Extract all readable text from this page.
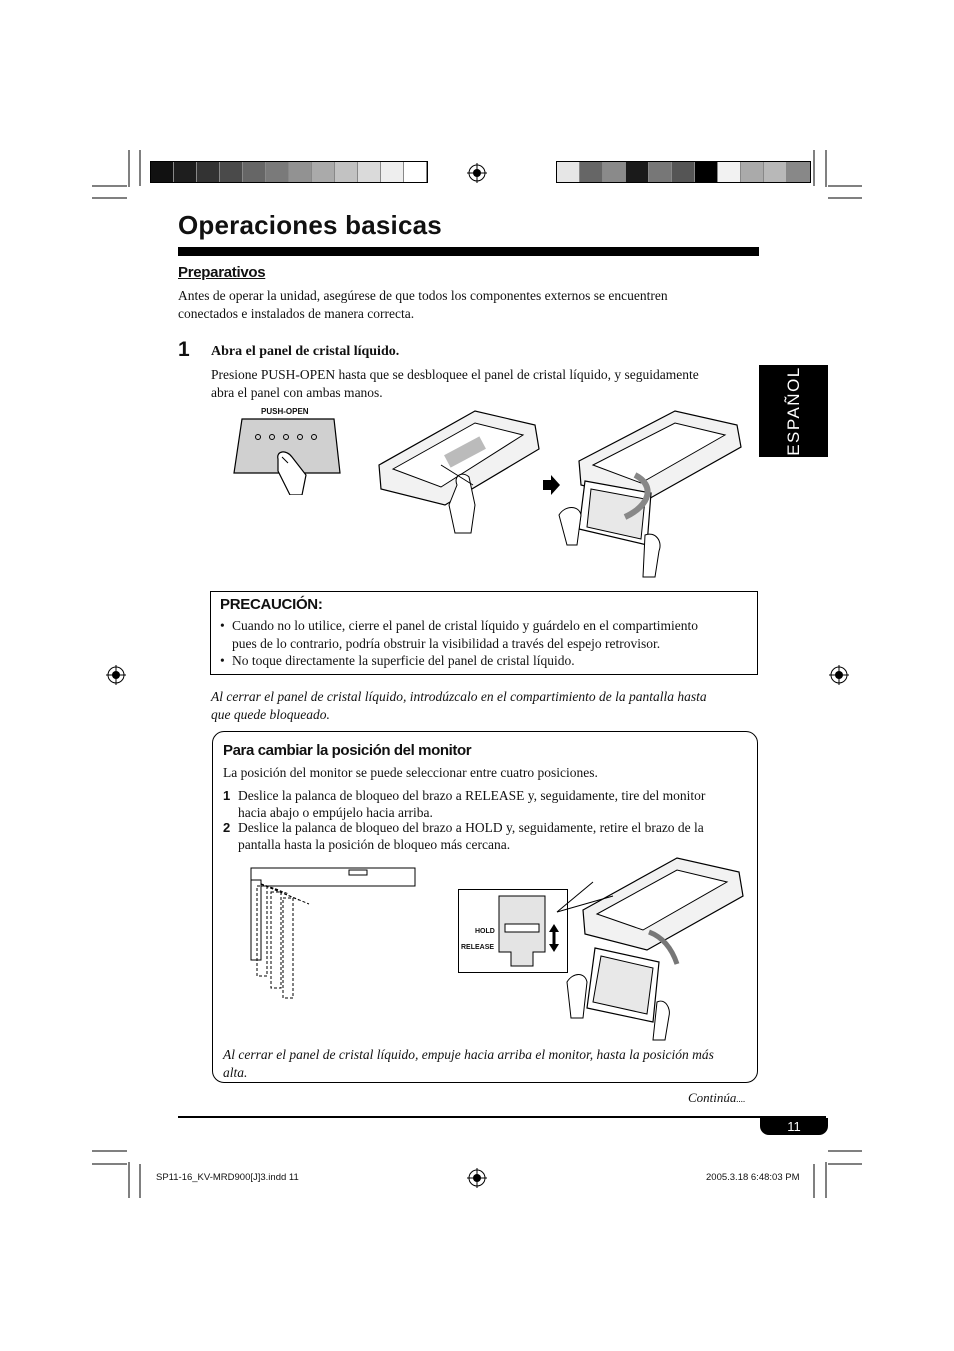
Operaciones basicas
ESPAÑOL
Preparativos
Antes de operar la unidad, asegúrese de que todos los componentes externos se encuentren
conectados e instalados de manera correcta.
1 Abra el panel de cristal líquido.
Presione PUSH-OPEN hasta que se desbloquee el panel de cristal líquido, y seguidamente
abra el panel con ambas manos.
PUSH-OPEN
PRECAUCIÓN:
• Cuando no lo utilice, cierre el panel de cristal líquido y guárdelo en el compartimiento
pues de lo contrario, podría obstruir la visibilidad a través del espejo retrovisor.
• No toque directamente la superficie del panel de cristal líquido.
Al cerrar el panel de cristal líquido, introdúzcalo en el compartimiento de la pantalla hasta
que quede bloqueado.
Para cambiar la posición del monitor
La posición del monitor se puede seleccionar entre cuatro posiciones.
1 Deslice la palanca de bloqueo del brazo a RELEASE y, seguidamente, tire del monitor
hacia abajo o empújelo hacia arriba.
2 Deslice la palanca de bloqueo del brazo a HOLD y, seguidamente, retire el brazo de la
pantalla hasta la posición de bloqueo más cercana.
HOLD
RELEASE
Al cerrar el panel de cristal líquido, empuje hacia arriba el monitor, hasta la posición más
alta.
Continúa....
11
SP11-16_KV-MRD900[J]3.indd 11	2005.3.18 6:48:03 PM
